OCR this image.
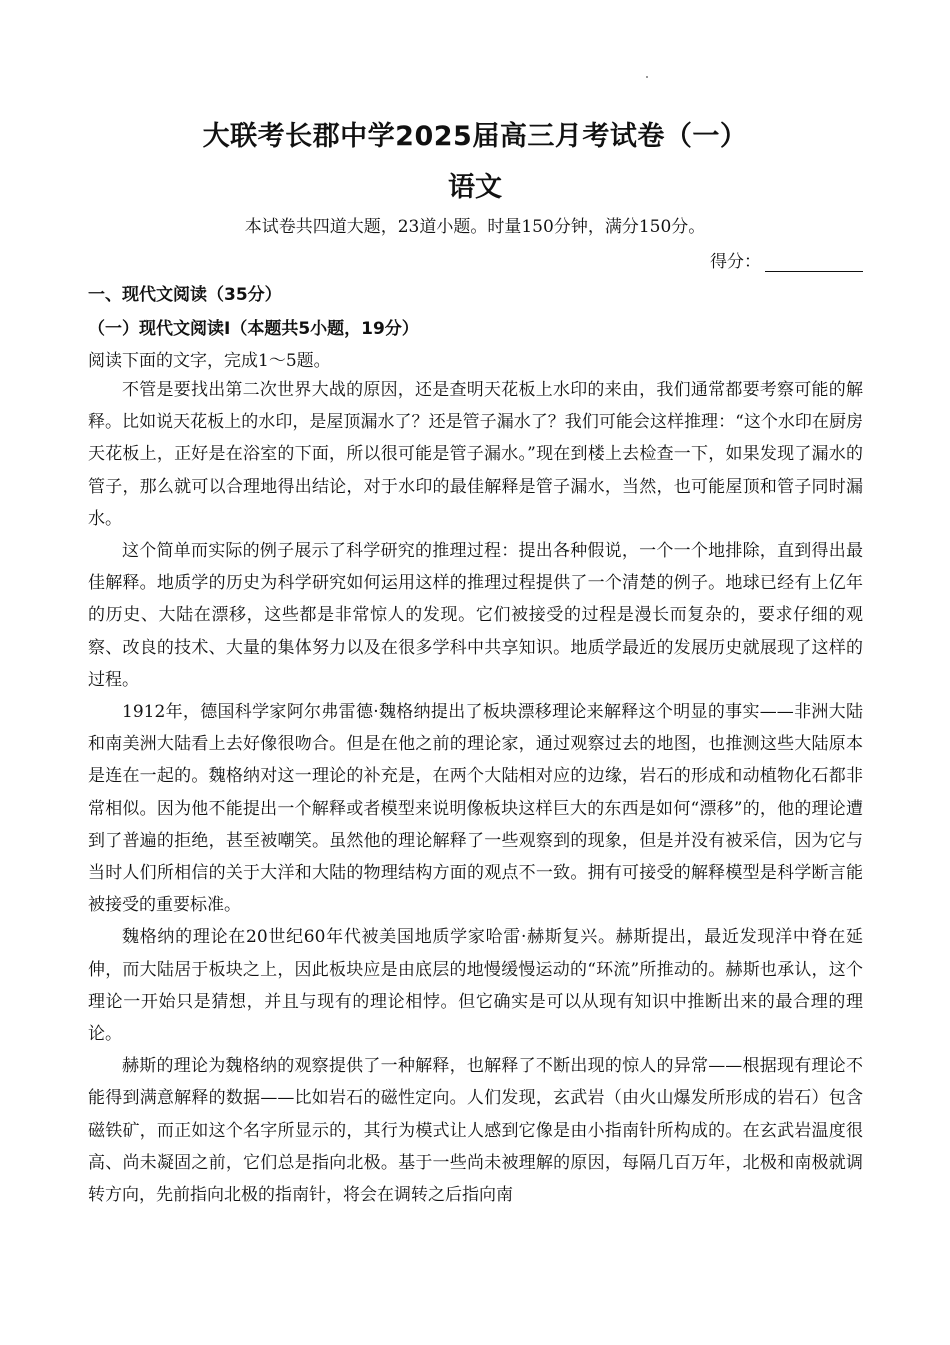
大联考长郡中学2025届高三月考试卷（一）
语文
本试卷共四道大题，23道小题。时量150分钟，满分150分。
得分：
一、现代文阅读（35分）
（一）现代文阅读Ⅰ（本题共5小题，19分）
阅读下面的文字，完成1～5题。

不管是要找出第二次世界大战的原因，还是查明天花板上水印的来由，我们通常都要考察可能的解释。比如说天花板上的水印，是屋顶漏水了？还是管子漏水了？我们可能会这样推理：“这个水印在厨房天花板上，正好是在浴室的下面，所以很可能是管子漏水。”现在到楼上去检查一下，如果发现了漏水的管子，那么就可以合理地得出结论，对于水印的最佳解释是管子漏水，当然，也可能屋顶和管子同时漏水。

这个简单而实际的例子展示了科学研究的推理过程：提出各种假说，一个一个地排除，直到得出最佳解释。地质学的历史为科学研究如何运用这样的推理过程提供了一个清楚的例子。地球已经有上亿年的历史、大陆在漂移，这些都是非常惊人的发现。它们被接受的过程是漫长而复杂的，要求仔细的观察、改良的技术、大量的集体努力以及在很多学科中共享知识。地质学最近的发展历史就展现了这样的过程。

1912年，德国科学家阿尔弗雷德·魏格纳提出了板块漂移理论来解释这个明显的事实——非洲大陆和南美洲大陆看上去好像很吻合。但是在他之前的理论家，通过观察过去的地图，也推测这些大陆原本是连在一起的。魏格纳对这一理论的补充是，在两个大陆相对应的边缘，岩石的形成和动植物化石都非常相似。因为他不能提出一个解释或者模型来说明像板块这样巨大的东西是如何“漂移”的，他的理论遭到了普遍的拒绝，甚至被嘲笑。虽然他的理论解释了一些观察到的现象，但是并没有被采信，因为它与当时人们所相信的关于大洋和大陆的物理结构方面的观点不一致。拥有可接受的解释模型是科学断言能被接受的重要标准。

魏格纳的理论在20世纪60年代被美国地质学家哈雷·赫斯复兴。赫斯提出，最近发现洋中脊在延伸，而大陆居于板块之上，因此板块应是由底层的地慢缓慢运动的“环流”所推动的。赫斯也承认，这个理论一开始只是猜想，并且与现有的理论相悖。但它确实是可以从现有知识中推断出来的最合理的理论。

赫斯的理论为魏格纳的观察提供了一种解释，也解释了不断出现的惊人的异常——根据现有理论不能得到满意解释的数据——比如岩石的磁性定向。人们发现，玄武岩（由火山爆发所形成的岩石）包含磁铁矿，而正如这个名字所显示的，其行为模式让人感到它像是由小指南针所构成的。在玄武岩温度很高、尚未凝固之前，它们总是指向北极。基于一些尚未被理解的原因，每隔几百万年，北极和南极就调转方向，先前指向北极的指南针，将会在调转之后指向南
